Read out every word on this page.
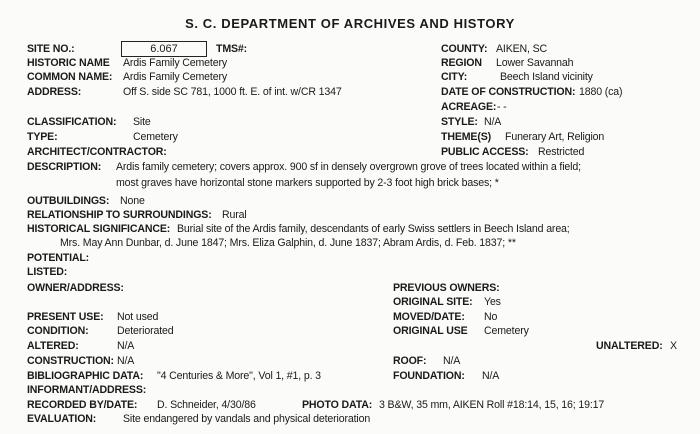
S. C. DEPARTMENT OF ARCHIVES AND HISTORY
SITE NO.:	6.067	TMS#:	COUNTY: AIKEN, SC
HISTORIC NAME Ardis Family Cemetery	REGION Lower Savannah
COMMON NAME: Ardis Family Cemetery	CITY:	Beech Island vicinity
ADDRESS:	Off S. side SC 781, 1000 ft. E. of int. w/CR 1347	DATE OF CONSTRUCTION: 1880 (ca)
ACREAGE: - -
CLASSIFICATION: Site	STYLE: N/A
TYPE:	Cemetery	THEME(S) Funerary Art, Religion
ARCHITECT/CONTRACTOR:	PUBLIC ACCESS: Restricted
DESCRIPTION: Ardis family cemetery; covers approx. 900 sf in densely overgrown grove of trees located within a field;
most graves have horizontal stone markers supported by 2-3 foot high brick bases; *
OUTBUILDINGS: None
RELATIONSHIP TO SURROUNDINGS: Rural
HISTORICAL SIGNIFICANCE: Burial site of the Ardis family, descendants of early Swiss settlers in Beech Island area;
Mrs. May Ann Dunbar, d. June 1847; Mrs. Eliza Galphin, d. June 1837; Abram Ardis, d. Feb. 1837; **
POTENTIAL:
LISTED:
OWNER/ADDRESS:	PREVIOUS OWNERS:
ORIGINAL SITE: Yes
PRESENT USE: Not used	MOVED/DATE: No
CONDITION:	Deteriorated	ORIGINAL USE Cemetery
ALTERED:	N/A	UNALTERED: X
CONSTRUCTION: N/A	ROOF: N/A
BIBLIOGRAPHIC DATA: "4 Centuries & More", Vol 1, #1, p. 3	FOUNDATION: N/A
INFORMANT/ADDRESS:
RECORDED BY/DATE: D. Schneider, 4/30/86	PHOTO DATA: 3 B&W, 35 mm, AIKEN Roll #18:14, 15, 16; 19:17
EVALUATION:	Site endangered by vandals and physical deterioration
